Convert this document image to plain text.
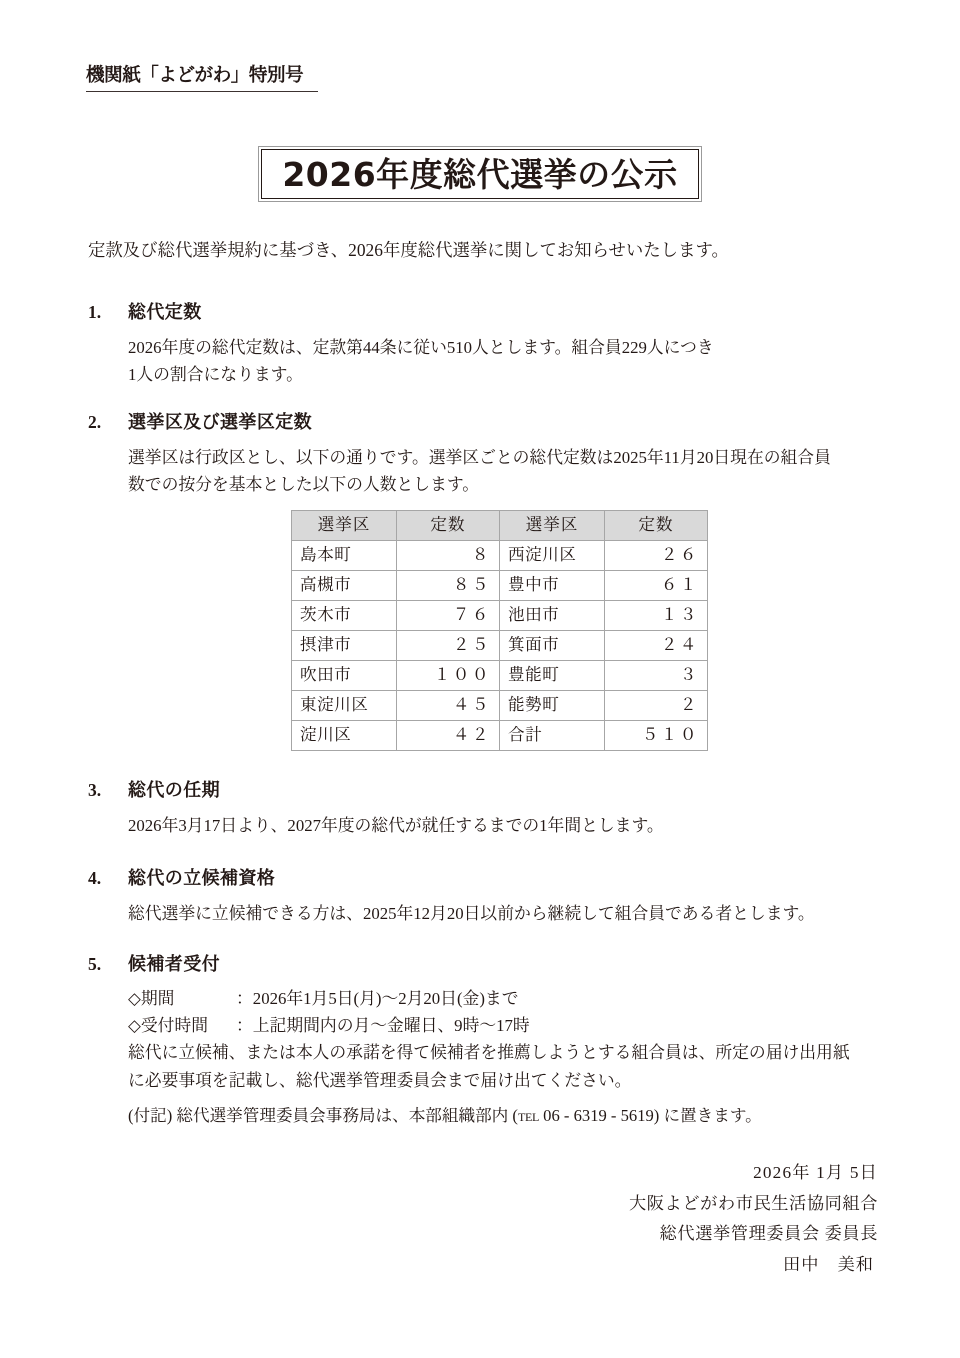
機関紙「よどがわ」特別号
2026年度総代選挙の公示
定款及び総代選挙規約に基づき、2026年度総代選挙に関してお知らせいたします。
1.	総代定数

2026年度の総代定数は、定款第44条に従い510人とします。組合員229人につき

1人の割合になります。

2.	選挙区及び選挙区定数

選挙区は行政区とし、以下の通りです。選挙区ごとの総代定数は2025年11月20日現在の組合員

数での按分を基本とした以下の人数とします。

選挙区	定数	選挙区	定数
島本町	８	西淀川区	２６
高槻市	８５	豊中市	６１
茨木市	７６	池田市	１３
摂津市	２５	箕面市	２４
吹田市	１００	豊能町	３
東淀川区	４５	能勢町	２
淀川区	４２	合計	５１０
3.	総代の任期

2026年3月17日より、2027年度の総代が就任するまでの1年間とします。

4.	総代の立候補資格

総代選挙に立候補できる方は、2025年12月20日以前から継続して組合員である者とします。

5.	候補者受付
◇期間	： 2026年1月5日(月)〜2月20日(金)まで
◇受付時間	： 上記期間内の月〜金曜日、9時〜17時

総代に立候補、または本人の承諾を得て候補者を推薦しようとする組合員は、所定の届け出用紙

に必要事項を記載し、総代選挙管理委員会まで届け出てください。

(付記) 総代選挙管理委員会事務局は、本部組織部内 (TEL 06 - 6319 - 5619) に置きます。
2026年 1月 5日
大阪よどがわ市民生活協同組合
総代選挙管理委員会 委員長
田中　美和
